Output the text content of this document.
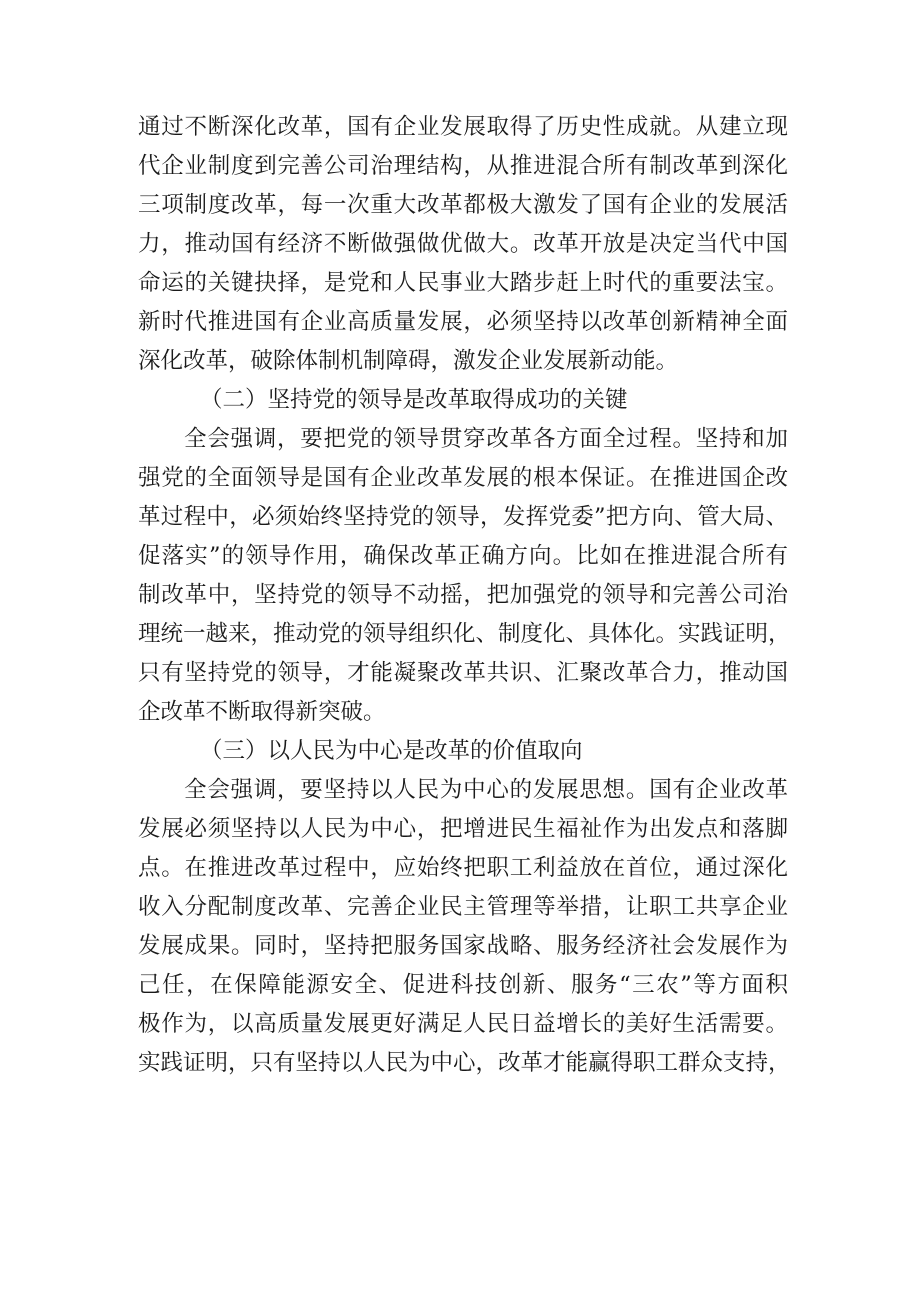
通过不断深化改革，国有企业发展取得了历史性成就。从建立现
代企业制度到完善公司治理结构，从推进混合所有制改革到深化
三项制度改革，每一次重大改革都极大激发了国有企业的发展活
力，推动国有经济不断做强做优做大。改革开放是决定当代中国
命运的关键抉择，是党和人民事业大踏步赶上时代的重要法宝。
新时代推进国有企业高质量发展，必须坚持以改革创新精神全面
深化改革，破除体制机制障碍，激发企业发展新动能。
（二）坚持党的领导是改革取得成功的关键
全会强调，要把党的领导贯穿改革各方面全过程。坚持和加
强党的全面领导是国有企业改革发展的根本保证。在推进国企改
革过程中，必须始终坚持党的领导，发挥党委”把方向、管大局、
促落实”的领导作用，确保改革正确方向。比如在推进混合所有
制改革中，坚持党的领导不动摇，把加强党的领导和完善公司治
理统一越来，推动党的领导组织化、制度化、具体化。实践证明，
只有坚持党的领导，才能凝聚改革共识、汇聚改革合力，推动国
企改革不断取得新突破。
（三）以人民为中心是改革的价值取向
全会强调，要坚持以人民为中心的发展思想。国有企业改革
发展必须坚持以人民为中心，把增进民生福祉作为出发点和落脚
点。在推进改革过程中，应始终把职工利益放在首位，通过深化
收入分配制度改革、完善企业民主管理等举措，让职工共享企业
发展成果。同时，坚持把服务国家战略、服务经济社会发展作为
己任，在保障能源安全、促进科技创新、服务“三农”等方面积
极作为，以高质量发展更好满足人民日益增长的美好生活需要。
实践证明，只有坚持以人民为中心，改革才能赢得职工群众支持，
